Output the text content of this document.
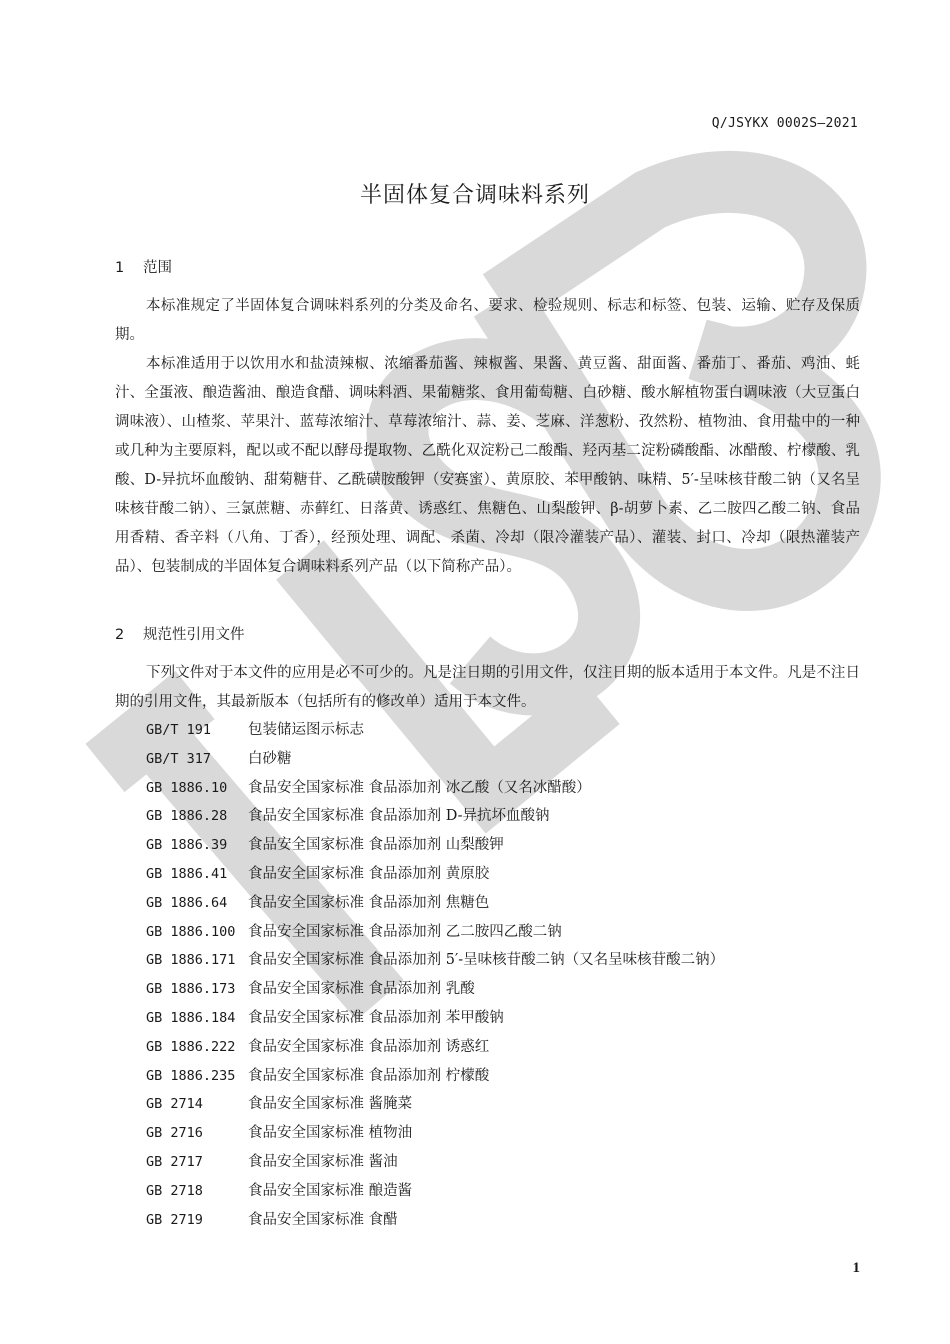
Q/JSYKX 0002S—2021
半固体复合调味料系列
1 范围

本标准规定了半固体复合调味料系列的分类及命名、要求、检验规则、标志和标签、包装、运输、贮存及保质期。

本标准适用于以饮用水和盐渍辣椒、浓缩番茄酱、辣椒酱、果酱、黄豆酱、甜面酱、番茄丁、番茄、鸡油、蚝汁、全蛋液、酿造酱油、酿造食醋、调味料酒、果葡糖浆、食用葡萄糖、白砂糖、酸水解植物蛋白调味液（大豆蛋白调味液）、山楂浆、苹果汁、蓝莓浓缩汁、草莓浓缩汁、蒜、姜、芝麻、洋葱粉、孜然粉、植物油、食用盐中的一种或几种为主要原料，配以或不配以酵母提取物、乙酰化双淀粉己二酸酯、羟丙基二淀粉磷酸酯、冰醋酸、柠檬酸、乳酸、D-异抗坏血酸钠、甜菊糖苷、乙酰磺胺酸钾（安赛蜜）、黄原胶、苯甲酸钠、味精、5′-呈味核苷酸二钠（又名呈味核苷酸二钠）、三氯蔗糖、赤藓红、日落黄、诱惑红、焦糖色、山梨酸钾、β-胡萝卜素、乙二胺四乙酸二钠、食品用香精、香辛料（八角、丁香），经预处理、调配、杀菌、冷却（限冷灌装产品）、灌装、封口、冷却（限热灌装产品）、包装制成的半固体复合调味料系列产品（以下简称产品）。

2 规范性引用文件

下列文件对于本文件的应用是必不可少的。凡是注日期的引用文件，仅注日期的版本适用于本文件。凡是不注日期的引用文件，其最新版本（包括所有的修改单）适用于本文件。

GB/T 191	包装储运图示标志
GB/T 317	白砂糖
GB 1886.10 食品安全国家标准 食品添加剂 冰乙酸（又名冰醋酸）
GB 1886.28 食品安全国家标准 食品添加剂 D-异抗坏血酸钠
GB 1886.39 食品安全国家标准 食品添加剂 山梨酸钾
GB 1886.41 食品安全国家标准 食品添加剂 黄原胶
GB 1886.64 食品安全国家标准 食品添加剂 焦糖色
GB 1886.100 食品安全国家标准 食品添加剂 乙二胺四乙酸二钠
GB 1886.171 食品安全国家标准 食品添加剂 5′-呈味核苷酸二钠（又名呈味核苷酸二钠）
GB 1886.173 食品安全国家标准 食品添加剂 乳酸
GB 1886.184 食品安全国家标准 食品添加剂 苯甲酸钠
GB 1886.222 食品安全国家标准 食品添加剂 诱惑红
GB 1886.235 食品安全国家标准 食品添加剂 柠檬酸
GB 2714	食品安全国家标准 酱腌菜
GB 2716	食品安全国家标准 植物油
GB 2717	食品安全国家标准 酱油
GB 2718	食品安全国家标准 酿造酱
GB 2719	食品安全国家标准 食醋
1
